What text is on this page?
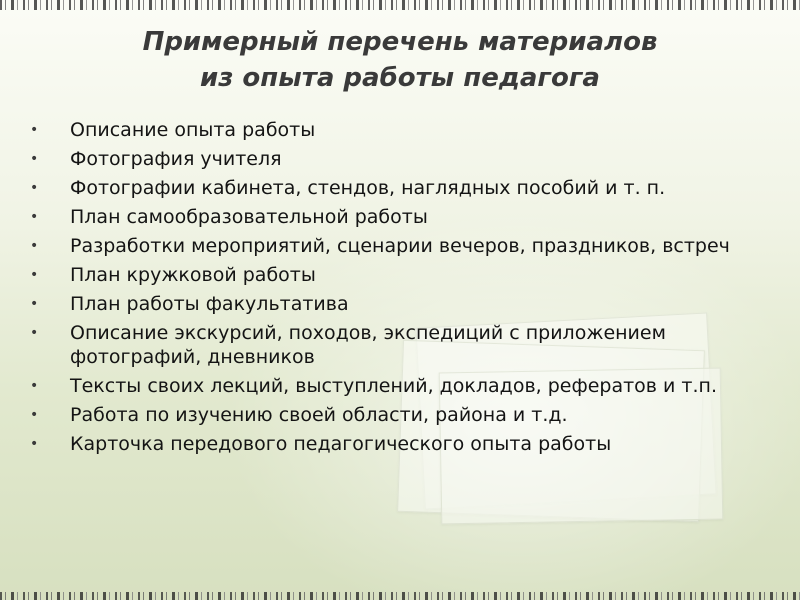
Примерный перечень материалов
из опыта работы педагога
•	Описание опыта работы
•	Фотография учителя
•	Фотографии кабинета, стендов, наглядных пособий и т. п.
•	План самообразовательной работы
•	Разработки мероприятий, сценарии вечеров, праздников, встреч
•	План кружковой работы
•	План работы факультатива
•	Описание экскурсий, походов, экспедиций с приложением фотографий, дневников
•	Тексты своих лекций, выступлений, докладов, рефератов и т.п.
•	Работа по изучению своей области, района и т.д.
•	Карточка передового педагогического опыта работы
